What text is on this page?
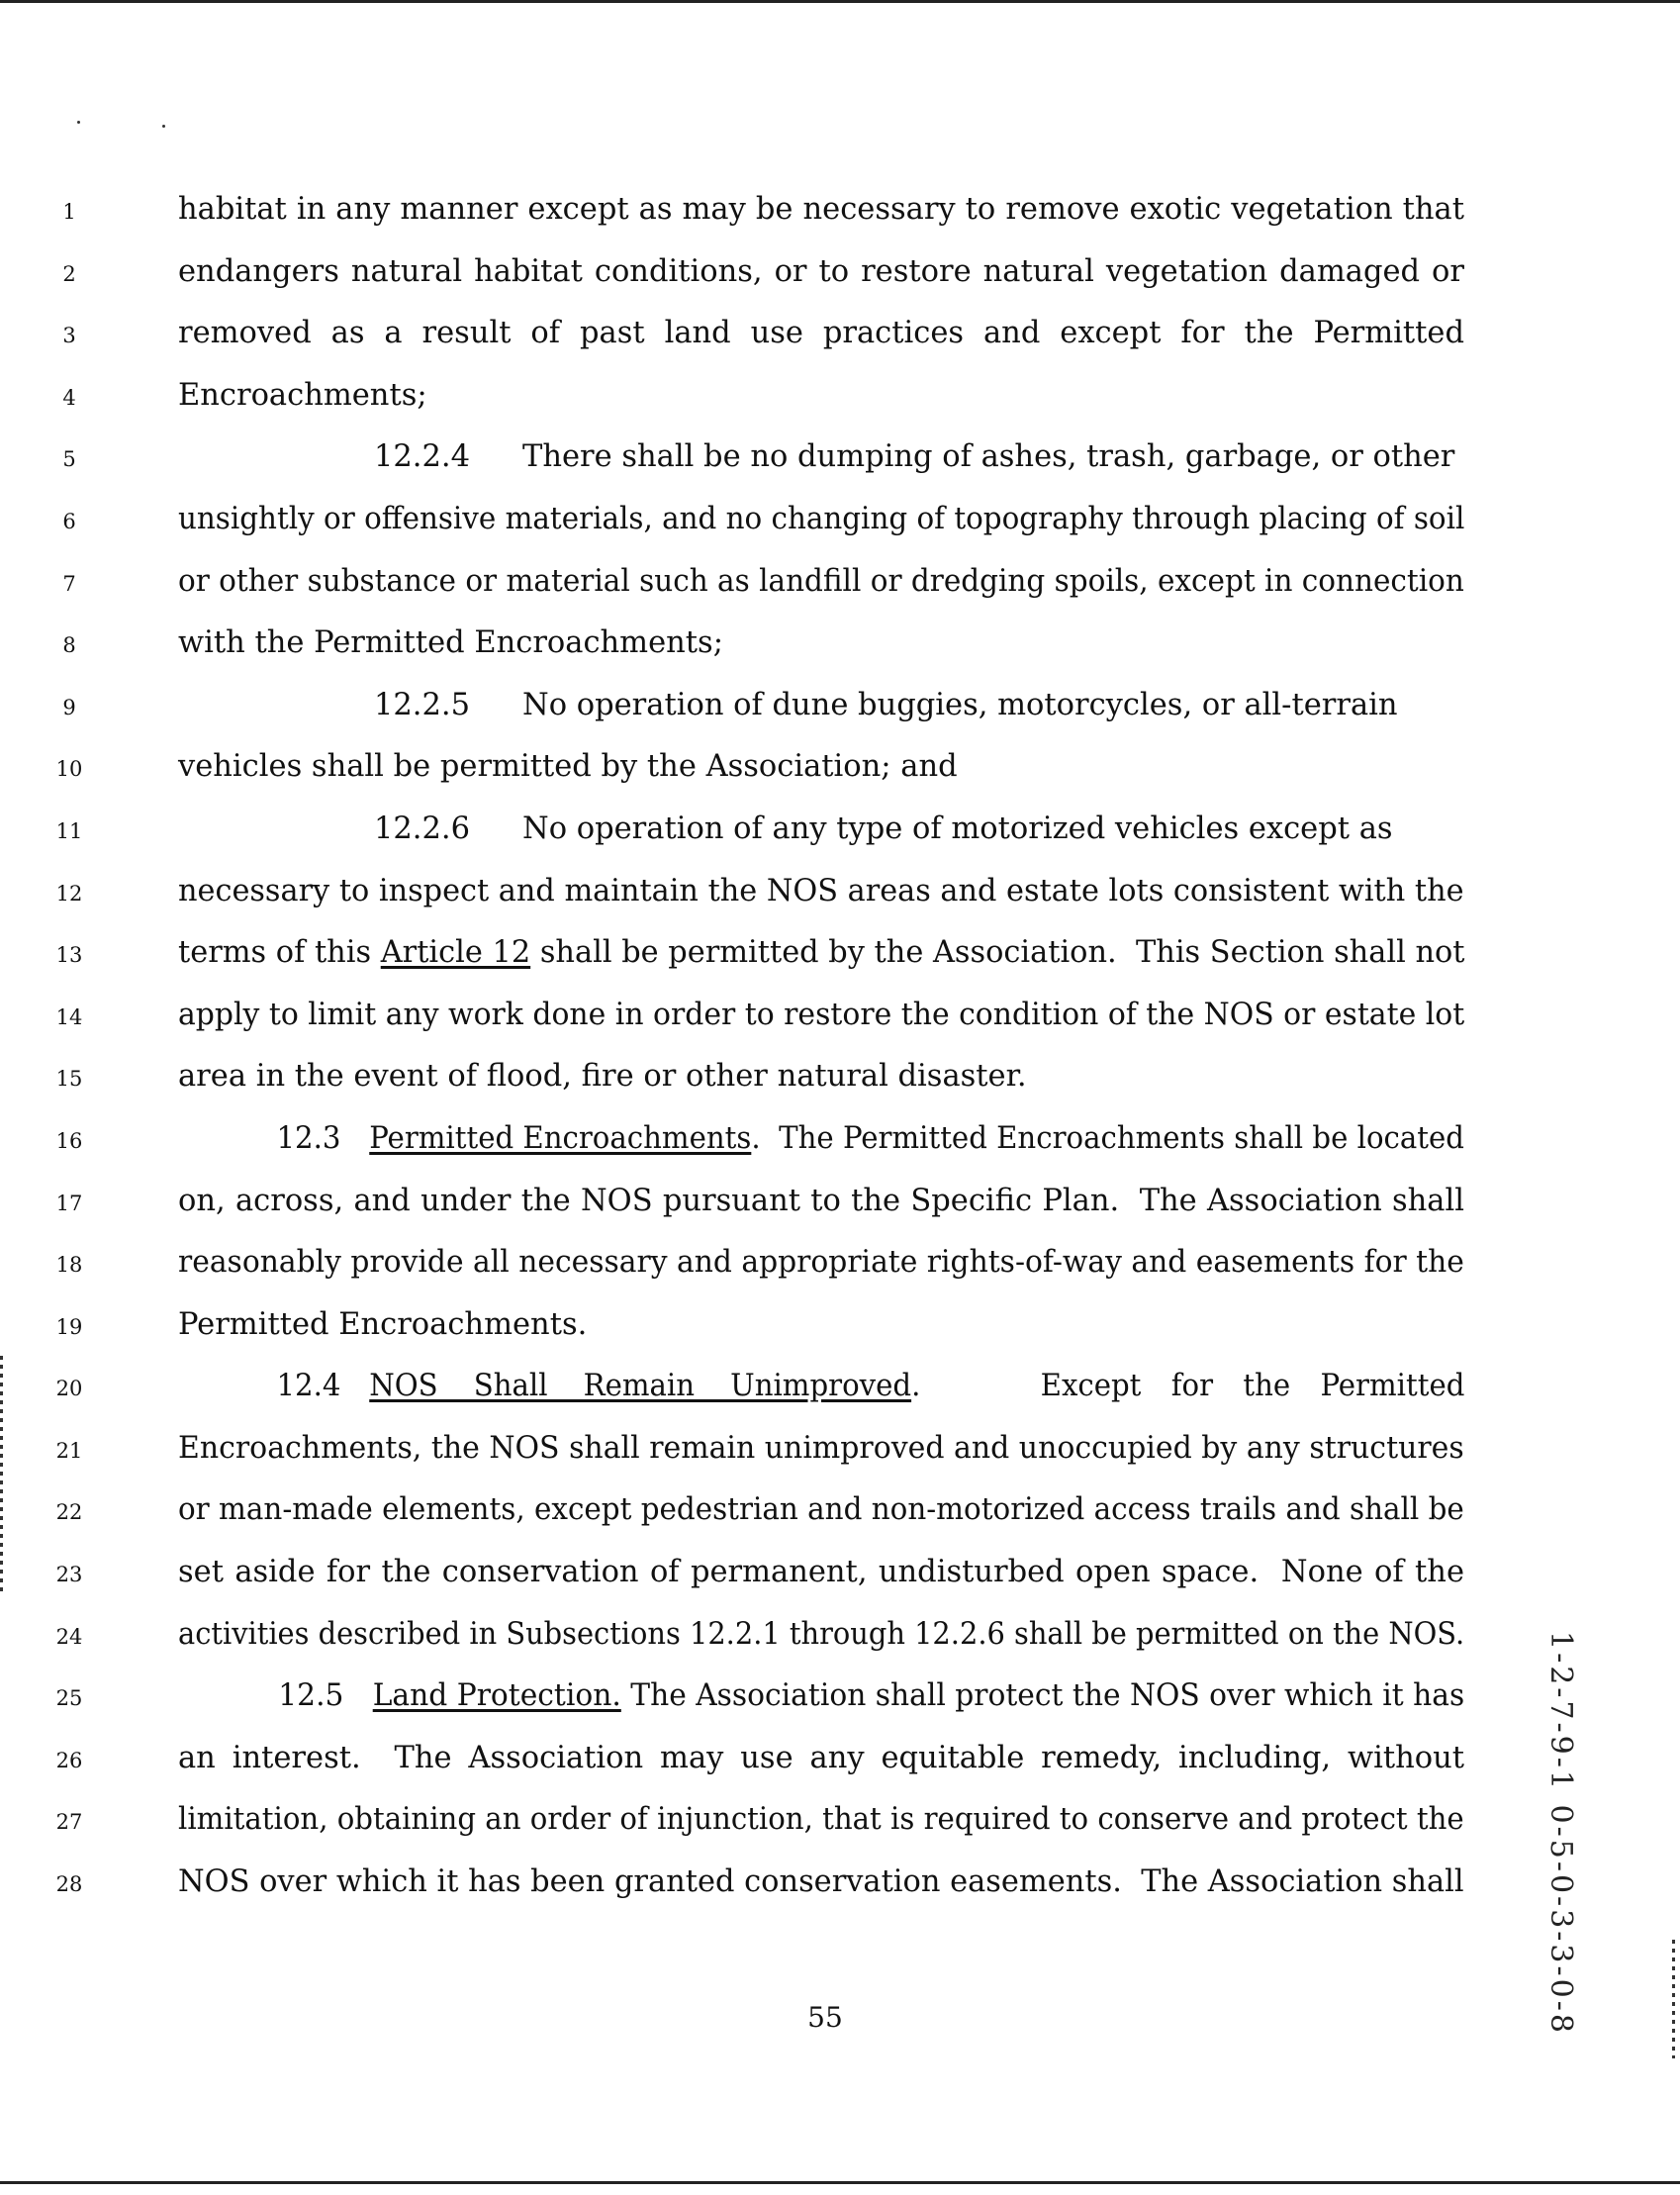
1	habitat in any manner except as may be necessary to remove exotic vegetation that
2	endangers natural habitat conditions, or to restore natural vegetation damaged or
3	removed as a result of past land use practices and except for the Permitted
4	Encroachments;
5	12.2.4 There shall be no dumping of ashes, trash, garbage, or other
6	unsightly or offensive materials, and no changing of topography through placing of soil
7	or other substance or material such as landfill or dredging spoils, except in connection
8	with the Permitted Encroachments;
9	12.2.5 No operation of dune buggies, motorcycles, or all-terrain
10	vehicles shall be permitted by the Association; and
11	12.2.6 No operation of any type of motorized vehicles except as
12	necessary to inspect and maintain the NOS areas and estate lots consistent with the
13	terms of this Article 12 shall be permitted by the Association.  This Section shall not
14	apply to limit any work done in order to restore the condition of the NOS or estate lot
15	area in the event of flood, fire or other natural disaster.
16	12.3 Permitted Encroachments.  The Permitted Encroachments shall be located
17	on, across, and under the NOS pursuant to the Specific Plan.  The Association shall
18	reasonably provide all necessary and appropriate rights-of-way and easements for the
19	Permitted Encroachments.
20	12.4 NOS Shall Remain Unimproved.    Except for the Permitted
21	Encroachments, the NOS shall remain unimproved and unoccupied by any structures
22	or man-made elements, except pedestrian and non-motorized access trails and shall be
23	set aside for the conservation of permanent, undisturbed open space.  None of the
24	activities described in Subsections 12.2.1 through 12.2.6 shall be permitted on the NOS.
25	12.5 Land Protection. The Association shall protect the NOS over which it has
26	an interest.  The Association may use any equitable remedy, including, without
27	limitation, obtaining an order of injunction, that is required to conserve and protect the
28	NOS over which it has been granted conservation easements.  The Association shall
55	1-2-7-9-1 0-5-0-3-3-0-8
